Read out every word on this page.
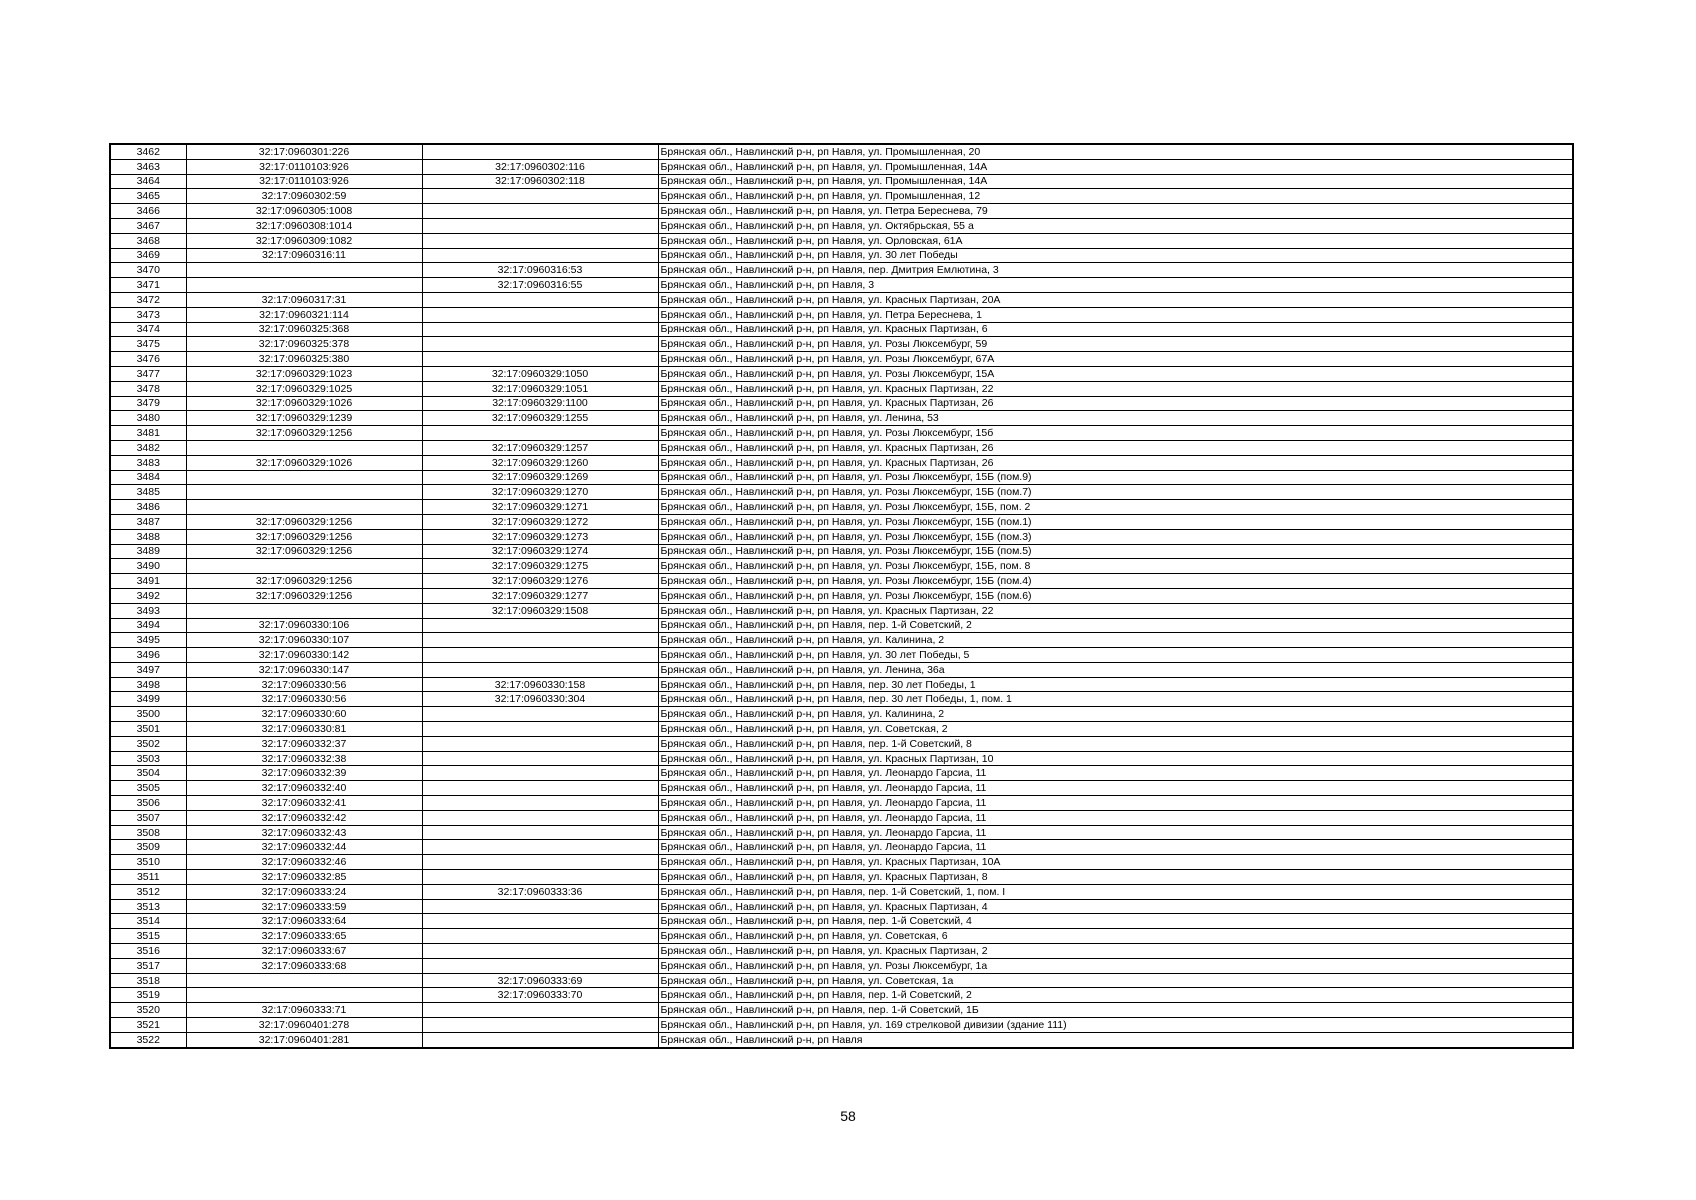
3462	32:17:0960301:226		Брянская обл., Навлинский р-н, рп Навля, ул. Промышленная, 20
3463	32:17:0110103:926	32:17:0960302:116	Брянская обл., Навлинский р-н, рп Навля, ул. Промышленная, 14А
3464	32:17:0110103:926	32:17:0960302:118	Брянская обл., Навлинский р-н, рп Навля, ул. Промышленная, 14А
3465	32:17:0960302:59		Брянская обл., Навлинский р-н, рп Навля, ул. Промышленная, 12
3466	32:17:0960305:1008		Брянская обл., Навлинский р-н, рп Навля, ул. Петра Береснева, 79
3467	32:17:0960308:1014		Брянская обл., Навлинский р-н, рп Навля, ул. Октябрьская, 55 а
3468	32:17:0960309:1082		Брянская обл., Навлинский р-н, рп Навля, ул. Орловская, 61А
3469	32:17:0960316:11		Брянская обл., Навлинский р-н, рп Навля, ул. 30 лет Победы
3470		32:17:0960316:53	Брянская обл., Навлинский р-н, рп Навля, пер. Дмитрия Емлютина, 3
3471		32:17:0960316:55	Брянская обл., Навлинский р-н, рп Навля, 3
3472	32:17:0960317:31		Брянская обл., Навлинский р-н, рп Навля, ул. Красных Партизан, 20А
3473	32:17:0960321:114		Брянская обл., Навлинский р-н, рп Навля, ул. Петра Береснева, 1
3474	32:17:0960325:368		Брянская обл., Навлинский р-н, рп Навля, ул. Красных Партизан, 6
3475	32:17:0960325:378		Брянская обл., Навлинский р-н, рп Навля, ул. Розы Люксембург, 59
3476	32:17:0960325:380		Брянская обл., Навлинский р-н, рп Навля, ул. Розы Люксембург, 67А
3477	32:17:0960329:1023	32:17:0960329:1050	Брянская обл., Навлинский р-н, рп Навля, ул. Розы Люксембург, 15А
3478	32:17:0960329:1025	32:17:0960329:1051	Брянская обл., Навлинский р-н, рп Навля, ул. Красных Партизан, 22
3479	32:17:0960329:1026	32:17:0960329:1100	Брянская обл., Навлинский р-н, рп Навля, ул. Красных Партизан, 26
3480	32:17:0960329:1239	32:17:0960329:1255	Брянская обл., Навлинский р-н, рп Навля, ул. Ленина, 53
3481	32:17:0960329:1256		Брянская обл., Навлинский р-н, рп Навля, ул. Розы Люксембург, 15б
3482		32:17:0960329:1257	Брянская обл., Навлинский р-н, рп Навля, ул. Красных Партизан, 26
3483	32:17:0960329:1026	32:17:0960329:1260	Брянская обл., Навлинский р-н, рп Навля, ул. Красных Партизан, 26
3484		32:17:0960329:1269	Брянская обл., Навлинский р-н, рп Навля, ул. Розы Люксембург, 15Б (пом.9)
3485		32:17:0960329:1270	Брянская обл., Навлинский р-н, рп Навля, ул. Розы Люксембург, 15Б (пом.7)
3486		32:17:0960329:1271	Брянская обл., Навлинский р-н, рп Навля, ул. Розы Люксембург, 15Б, пом. 2
3487	32:17:0960329:1256	32:17:0960329:1272	Брянская обл., Навлинский р-н, рп Навля, ул. Розы Люксембург, 15Б (пом.1)
3488	32:17:0960329:1256	32:17:0960329:1273	Брянская обл., Навлинский р-н, рп Навля, ул. Розы Люксембург, 15Б (пом.3)
3489	32:17:0960329:1256	32:17:0960329:1274	Брянская обл., Навлинский р-н, рп Навля, ул. Розы Люксембург, 15Б (пом.5)
3490		32:17:0960329:1275	Брянская обл., Навлинский р-н, рп Навля, ул. Розы Люксембург, 15Б, пом. 8
3491	32:17:0960329:1256	32:17:0960329:1276	Брянская обл., Навлинский р-н, рп Навля, ул. Розы Люксембург, 15Б (пом.4)
3492	32:17:0960329:1256	32:17:0960329:1277	Брянская обл., Навлинский р-н, рп Навля, ул. Розы Люксембург, 15Б (пом.6)
3493		32:17:0960329:1508	Брянская обл., Навлинский р-н, рп Навля, ул. Красных Партизан, 22
3494	32:17:0960330:106		Брянская обл., Навлинский р-н, рп Навля, пер. 1-й Советский, 2
3495	32:17:0960330:107		Брянская обл., Навлинский р-н, рп Навля, ул. Калинина, 2
3496	32:17:0960330:142		Брянская обл., Навлинский р-н, рп Навля, ул. 30 лет Победы, 5
3497	32:17:0960330:147		Брянская обл., Навлинский р-н, рп Навля, ул. Ленина, 36а
3498	32:17:0960330:56	32:17:0960330:158	Брянская обл., Навлинский р-н, рп Навля, пер. 30 лет Победы, 1
3499	32:17:0960330:56	32:17:0960330:304	Брянская обл., Навлинский р-н, рп Навля, пер. 30 лет Победы, 1, пом. 1
3500	32:17:0960330:60		Брянская обл., Навлинский р-н, рп Навля, ул. Калинина, 2
3501	32:17:0960330:81		Брянская обл., Навлинский р-н, рп Навля, ул. Советская, 2
3502	32:17:0960332:37		Брянская обл., Навлинский р-н, рп Навля, пер. 1-й Советский, 8
3503	32:17:0960332:38		Брянская обл., Навлинский р-н, рп Навля, ул. Красных Партизан, 10
3504	32:17:0960332:39		Брянская обл., Навлинский р-н, рп Навля, ул. Леонардо Гарсиа, 11
3505	32:17:0960332:40		Брянская обл., Навлинский р-н, рп Навля, ул. Леонардо Гарсиа, 11
3506	32:17:0960332:41		Брянская обл., Навлинский р-н, рп Навля, ул. Леонардо Гарсиа, 11
3507	32:17:0960332:42		Брянская обл., Навлинский р-н, рп Навля, ул. Леонардо Гарсиа, 11
3508	32:17:0960332:43		Брянская обл., Навлинский р-н, рп Навля, ул. Леонардо Гарсиа, 11
3509	32:17:0960332:44		Брянская обл., Навлинский р-н, рп Навля, ул. Леонардо Гарсиа, 11
3510	32:17:0960332:46		Брянская обл., Навлинский р-н, рп Навля, ул. Красных Партизан, 10А
3511	32:17:0960332:85		Брянская обл., Навлинский р-н, рп Навля, ул. Красных Партизан, 8
3512	32:17:0960333:24	32:17:0960333:36	Брянская обл., Навлинский р-н, рп Навля, пер. 1-й Советский, 1, пом. I
3513	32:17:0960333:59		Брянская обл., Навлинский р-н, рп Навля, ул. Красных Партизан, 4
3514	32:17:0960333:64		Брянская обл., Навлинский р-н, рп Навля, пер. 1-й Советский, 4
3515	32:17:0960333:65		Брянская обл., Навлинский р-н, рп Навля, ул. Советская, 6
3516	32:17:0960333:67		Брянская обл., Навлинский р-н, рп Навля, ул. Красных Партизан, 2
3517	32:17:0960333:68		Брянская обл., Навлинский р-н, рп Навля, ул. Розы Люксембург, 1а
3518		32:17:0960333:69	Брянская обл., Навлинский р-н, рп Навля, ул. Советская, 1а
3519		32:17:0960333:70	Брянская обл., Навлинский р-н, рп Навля, пер. 1-й Советский, 2
3520	32:17:0960333:71		Брянская обл., Навлинский р-н, рп Навля, пер. 1-й Советский, 1Б
3521	32:17:0960401:278		Брянская обл., Навлинский р-н, рп Навля, ул. 169 стрелковой дивизии (здание 111)
3522	32:17:0960401:281		Брянская обл., Навлинский р-н, рп Навля
58
